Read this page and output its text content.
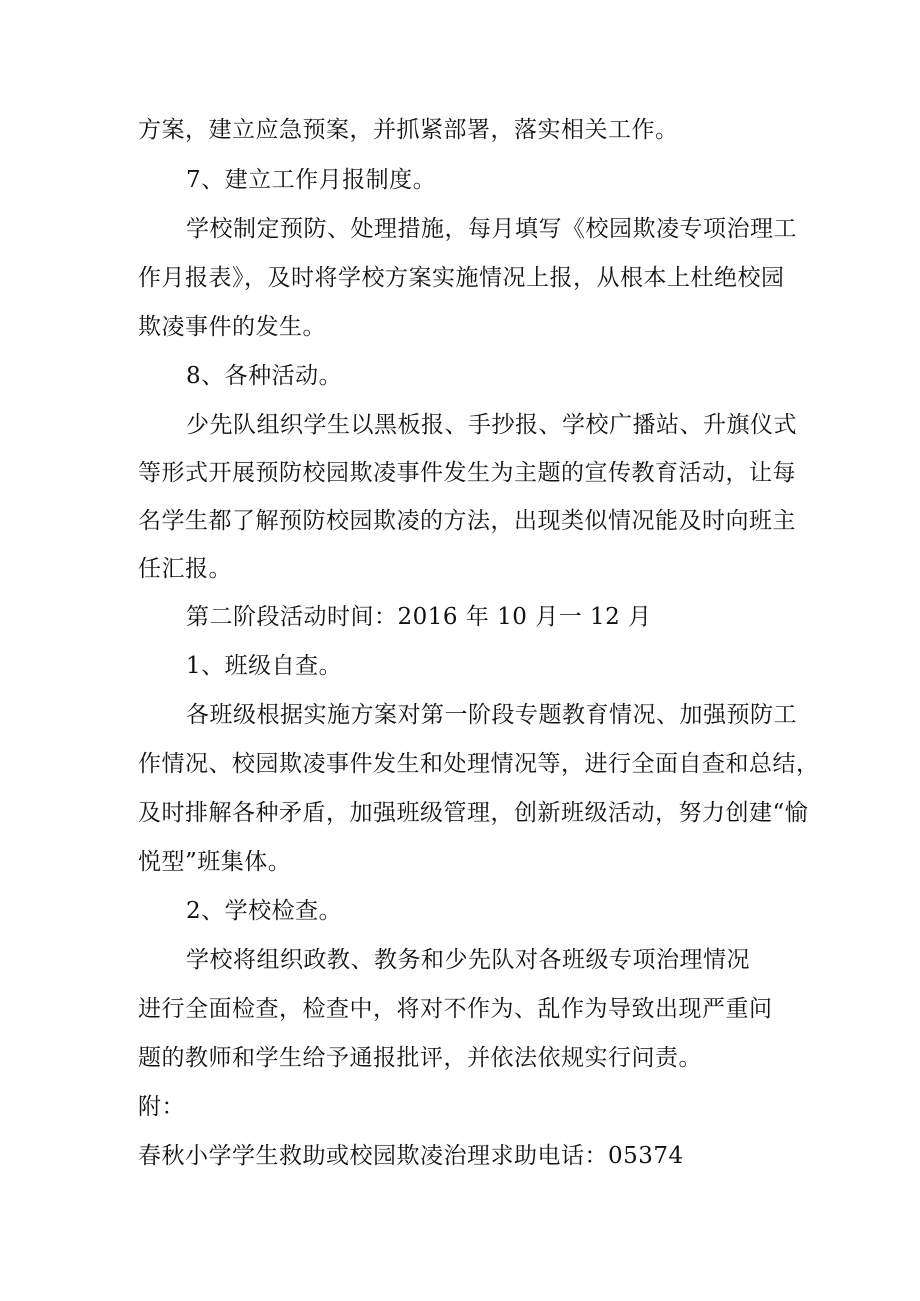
方案，建立应急预案，并抓紧部署，落实相关工作。
7、建立工作月报制度。
学校制定预防、处理措施，每月填写《校园欺凌专项治理工
作月报表》，及时将学校方案实施情况上报，从根本上杜绝校园
欺凌事件的发生。
8、各种活动。
少先队组织学生以黑板报、手抄报、学校广播站、升旗仪式
等形式开展预防校园欺凌事件发生为主题的宣传教育活动，让每
名学生都了解预防校园欺凌的方法，出现类似情况能及时向班主
任汇报。
第二阶段活动时间：2016 年 10 月一 12 月
1、班级自查。
各班级根据实施方案对第一阶段专题教育情况、加强预防工
作情况、校园欺凌事件发生和处理情况等，进行全面自查和总结，
及时排解各种矛盾，加强班级管理，创新班级活动，努力创建“愉
悦型”班集体。
2、学校检查。
学校将组织政教、教务和少先队对各班级专项治理情况
进行全面检查，检查中，将对不作为、乱作为导致出现严重问
题的教师和学生给予通报批评，并依法依规实行问责。
附：
春秋小学学生救助或校园欺凌治理求助电话：05374
